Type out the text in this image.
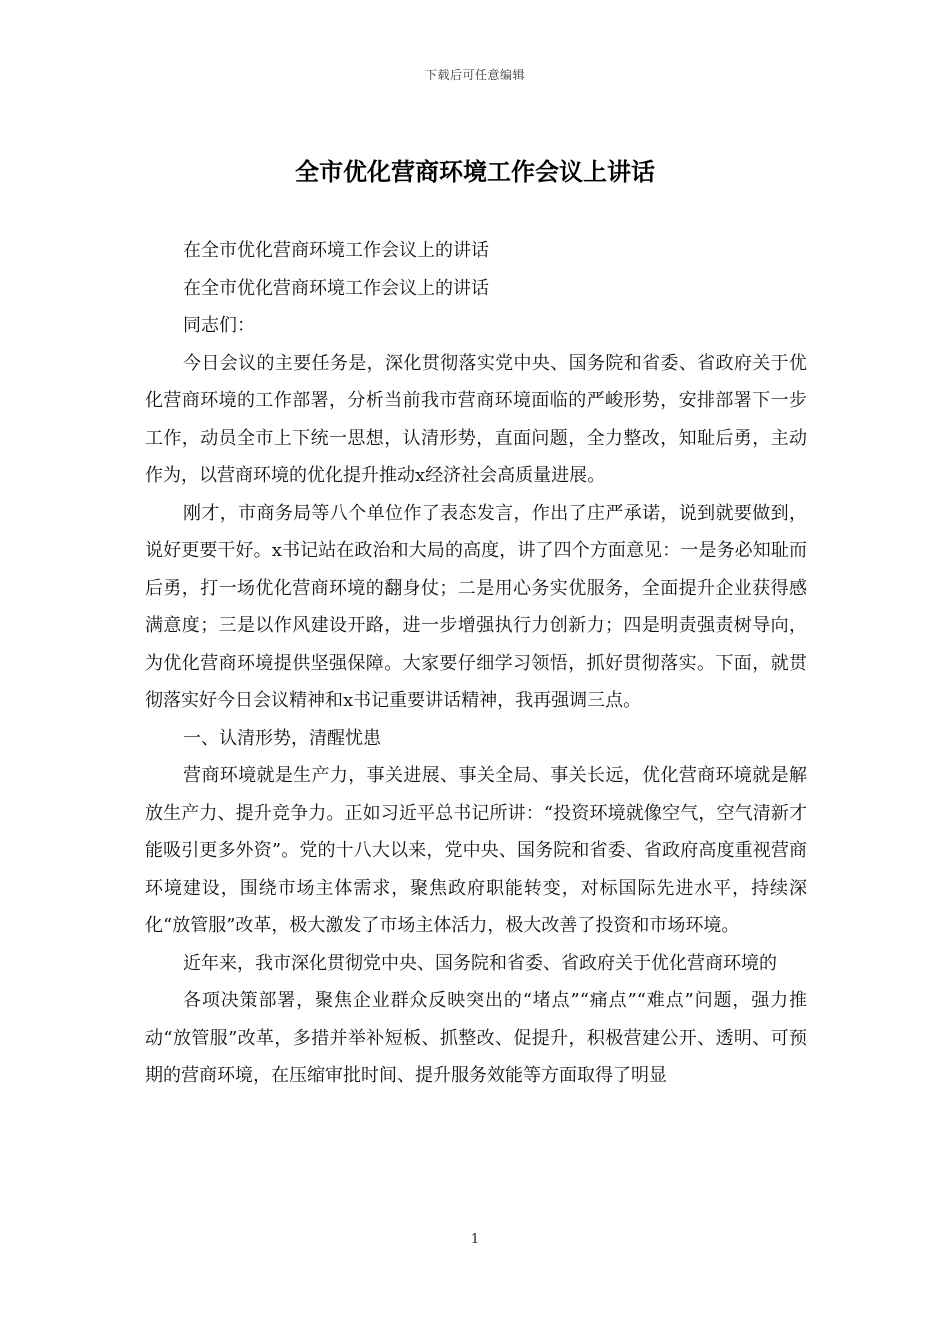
下载后可任意编辑
全市优化营商环境工作会议上讲话

在全市优化营商环境工作会议上的讲话

在全市优化营商环境工作会议上的讲话

同志们：

今日会议的主要任务是，深化贯彻落实党中央、国务院和省委、省政府关于优化营商环境的工作部署，分析当前我市营商环境面临的严峻形势，安排部署下一步工作，动员全市上下统一思想，认清形势，直面问题，全力整改，知耻后勇，主动作为，以营商环境的优化提升推动x经济社会高质量进展。

刚才，市商务局等八个单位作了表态发言，作出了庄严承诺，说到就要做到，说好更要干好。x书记站在政治和大局的高度，讲了四个方面意见：一是务必知耻而后勇，打一场优化营商环境的翻身仗；二是用心务实优服务，全面提升企业获得感满意度；三是以作风建设开路，进一步增强执行力创新力；四是明责强责树导向，为优化营商环境提供坚强保障。大家要仔细学习领悟，抓好贯彻落实。下面，就贯彻落实好今日会议精神和x书记重要讲话精神，我再强调三点。

一、认清形势，清醒忧患

营商环境就是生产力，事关进展、事关全局、事关长远，优化营商环境就是解放生产力、提升竞争力。正如习近平总书记所讲：“投资环境就像空气，空气清新才能吸引更多外资”。党的十八大以来，党中央、国务院和省委、省政府高度重视营商环境建设，围绕市场主体需求，聚焦政府职能转变，对标国际先进水平，持续深化“放管服”改革，极大激发了市场主体活力，极大改善了投资和市场环境。

近年来，我市深化贯彻党中央、国务院和省委、省政府关于优化营商环境的

各项决策部署，聚焦企业群众反映突出的“堵点”“痛点”“难点”问题，强力推动“放管服”改革，多措并举补短板、抓整改、促提升，积极营建公开、透明、可预期的营商环境，在压缩审批时间、提升服务效能等方面取得了明显

1
